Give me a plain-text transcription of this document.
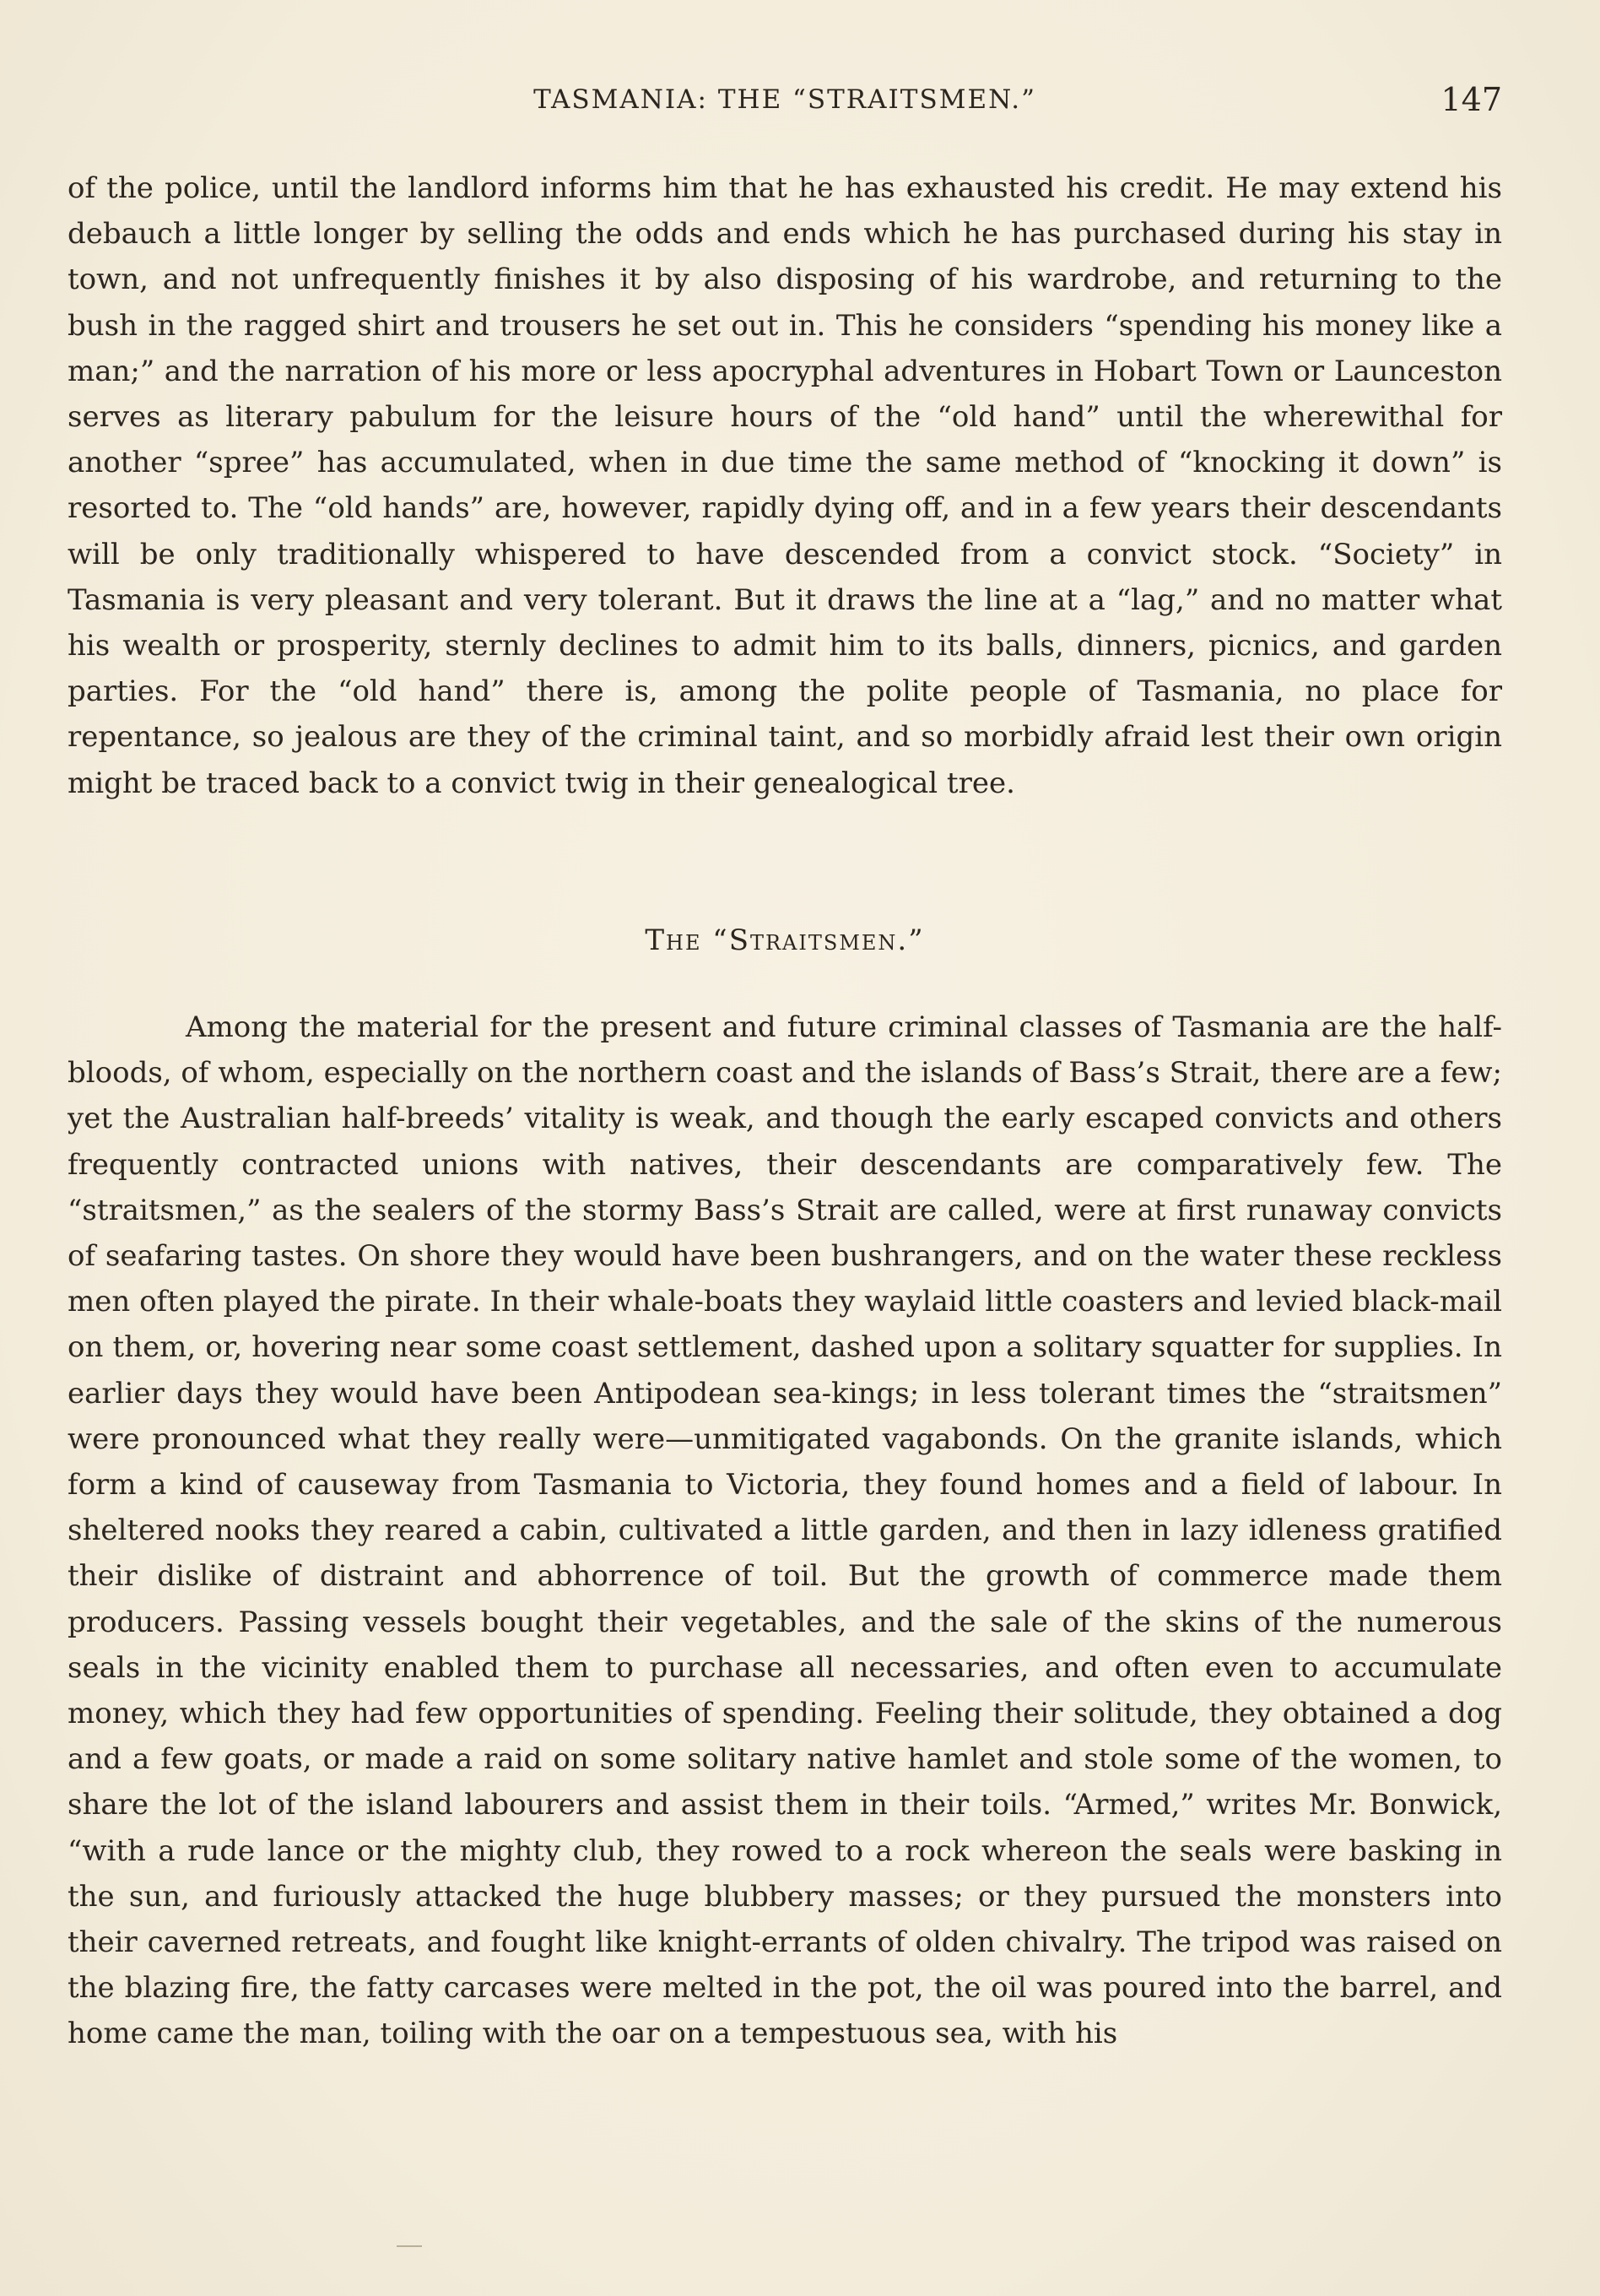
TASMANIA: THE “STRAITSMEN.”	147

of the police, until the landlord informs him that he has exhausted his credit. He may extend his debauch a little longer by selling the odds and ends which he has purchased during his stay in town, and not unfrequently finishes it by also disposing of his wardrobe, and returning to the bush in the ragged shirt and trousers he set out in. This he considers “spending his money like a man;” and the narration of his more or less apocryphal adventures in Hobart Town or Launceston serves as literary pabulum for the leisure hours of the “old hand” until the wherewithal for another “spree” has accumulated, when in due time the same method of “knocking it down” is resorted to. The “old hands” are, however, rapidly dying off, and in a few years their descendants will be only traditionally whispered to have descended from a convict stock. “Society” in Tasmania is very pleasant and very tolerant. But it draws the line at a “lag,” and no matter what his wealth or prosperity, sternly declines to admit him to its balls, dinners, picnics, and garden parties. For the “old hand” there is, among the polite people of Tasmania, no place for repentance, so jealous are they of the criminal taint, and so morbidly afraid lest their own origin might be traced back to a convict twig in their genealogical tree.

The “Straitsmen.”

Among the material for the present and future criminal classes of Tasmania are the half-bloods, of whom, especially on the northern coast and the islands of Bass’s Strait, there are a few; yet the Australian half-breeds’ vitality is weak, and though the early escaped convicts and others frequently contracted unions with natives, their descendants are comparatively few. The “straitsmen,” as the sealers of the stormy Bass’s Strait are called, were at first runaway convicts of seafaring tastes. On shore they would have been bushrangers, and on the water these reckless men often played the pirate. In their whale-boats they waylaid little coasters and levied black-mail on them, or, hovering near some coast settlement, dashed upon a solitary squatter for supplies. In earlier days they would have been Antipodean sea-kings; in less tolerant times the “straitsmen” were pronounced what they really were—unmitigated vagabonds. On the granite islands, which form a kind of causeway from Tasmania to Victoria, they found homes and a field of labour. In sheltered nooks they reared a cabin, cultivated a little garden, and then in lazy idleness gratified their dislike of distraint and abhorrence of toil. But the growth of commerce made them producers. Passing vessels bought their vegetables, and the sale of the skins of the numerous seals in the vicinity enabled them to purchase all necessaries, and often even to accumulate money, which they had few opportunities of spending. Feeling their solitude, they obtained a dog and a few goats, or made a raid on some solitary native hamlet and stole some of the women, to share the lot of the island labourers and assist them in their toils. “Armed,” writes Mr. Bonwick, “with a rude lance or the mighty club, they rowed to a rock whereon the seals were basking in the sun, and furiously attacked the huge blubbery masses; or they pursued the monsters into their caverned retreats, and fought like knight-errants of olden chivalry. The tripod was raised on the blazing fire, the fatty carcases were melted in the pot, the oil was poured into the barrel, and home came the man, toiling with the oar on a tempestuous sea, with his
